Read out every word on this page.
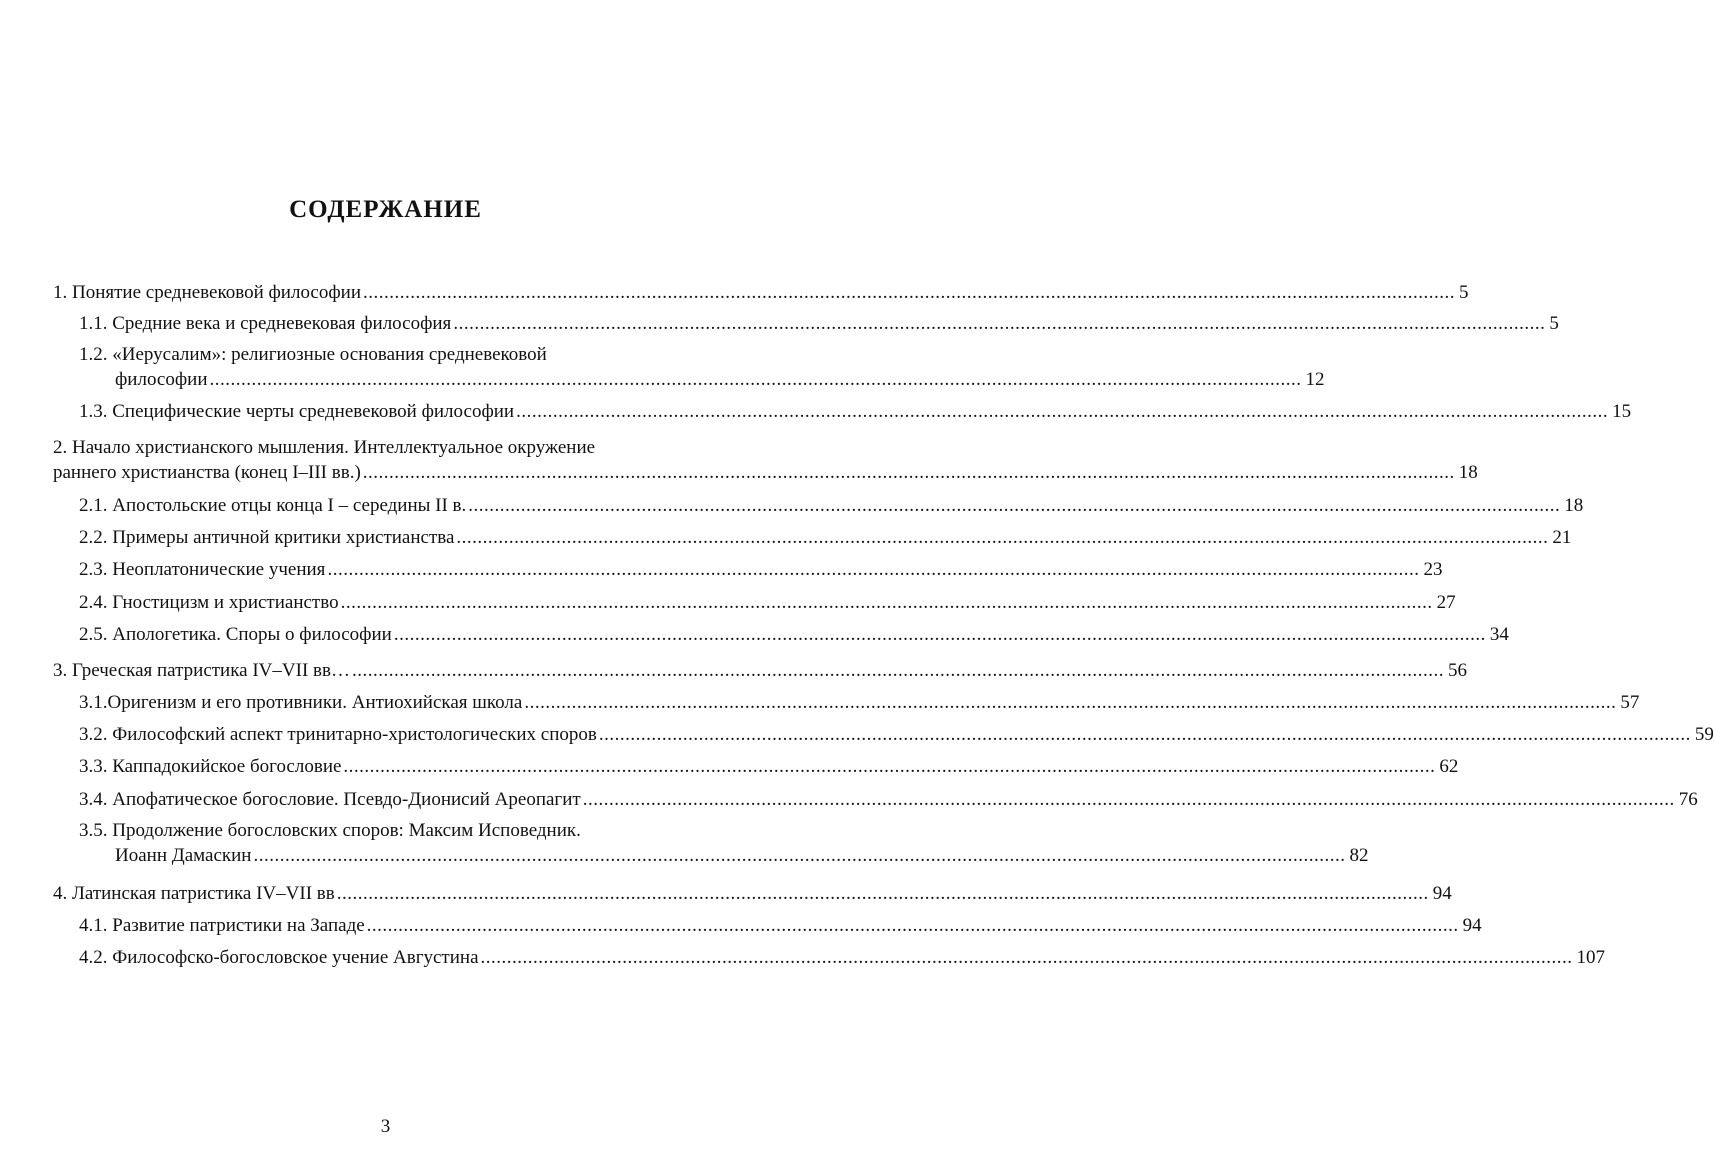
СОДЕРЖАНИЕ
1. Понятие средневековой философии ................................................................................................................................................................................................................ 5
1.1. Средние века и средневековая философия ................................................................................................................................................................................................................ 5
1.2. «Иерусалим»: религиозные основания средневековой
философии ................................................................................................................................................................................................................ 12
1.3. Специфические черты средневековой философии ................................................................................................................................................................................................................ 15
2. Начало христианского мышления. Интеллектуальное окружение
раннего христианства (конец I–III вв.) ................................................................................................................................................................................................................ 18
2.1. Апостольские отцы конца I – середины II в. ................................................................................................................................................................................................................ 18
2.2. Примеры античной критики христианства ................................................................................................................................................................................................................ 21
2.3. Неоплатонические учения ................................................................................................................................................................................................................ 23
2.4. Гностицизм и христианство ................................................................................................................................................................................................................ 27
2.5. Апологетика. Споры о философии ................................................................................................................................................................................................................ 34
3. Греческая патристика IV–VII вв… ................................................................................................................................................................................................................ 56
3.1.Оригенизм и его противники. Антиохийская школа ................................................................................................................................................................................................................ 57
3.2. Философский аспект тринитарно-христологических споров ................................................................................................................................................................................................................ 59
3.3. Каппадокийское богословие ................................................................................................................................................................................................................ 62
3.4. Апофатическое богословие. Псевдо-Дионисий Ареопагит ................................................................................................................................................................................................................ 76
3.5. Продолжение богословских споров: Максим Исповедник.
Иоанн Дамаскин ................................................................................................................................................................................................................ 82
4. Латинская патристика IV–VII вв ................................................................................................................................................................................................................ 94
4.1. Развитие патристики на Западе ................................................................................................................................................................................................................ 94
4.2. Философско-богословское учение Августина ................................................................................................................................................................................................................ 107
3
